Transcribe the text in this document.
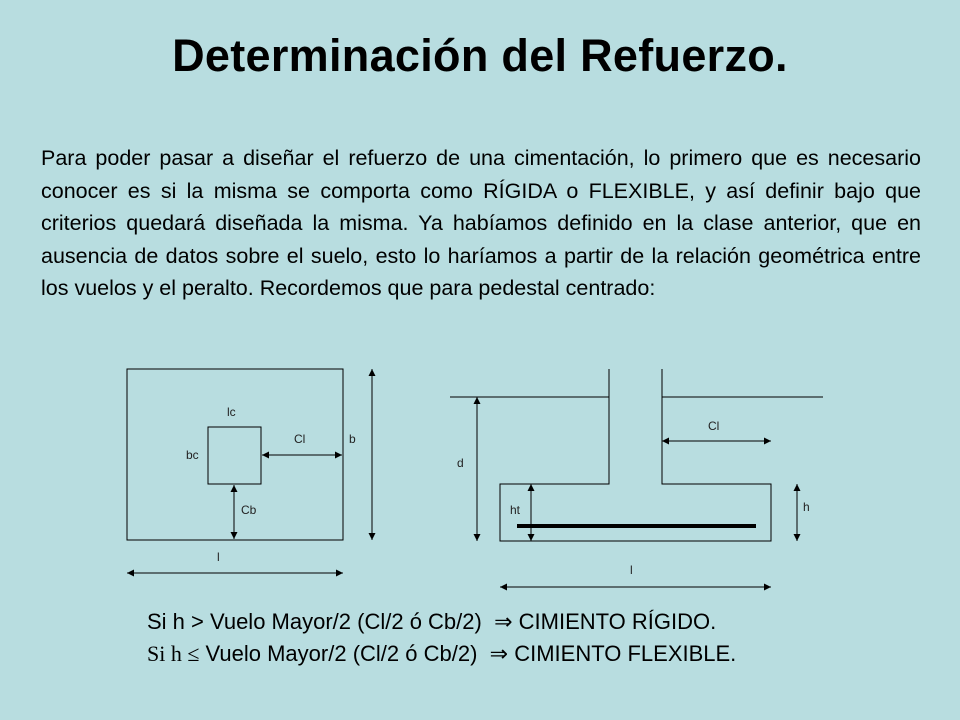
Determinación del Refuerzo.
Para poder pasar a diseñar el refuerzo de una cimentación, lo primero que es necesario conocer es si la misma se comporta como RÍGIDA o FLEXIBLE, y así definir bajo que criterios quedará diseñada la misma. Ya habíamos definido en la clase anterior, que en ausencia de datos sobre el suelo, esto lo haríamos a partir de la relación geométrica entre los vuelos y el peralto. Recordemos que para pedestal centrado:
lc
bc
Cl	b
Cb
l
Cl
d
ht	h
l
Si h > Vuelo Mayor/2 (Cl/2 ó Cb/2) ⇒ CIMIENTO RÍGIDO.
Si h ≤ Vuelo Mayor/2 (Cl/2 ó Cb/2) ⇒ CIMIENTO FLEXIBLE.
